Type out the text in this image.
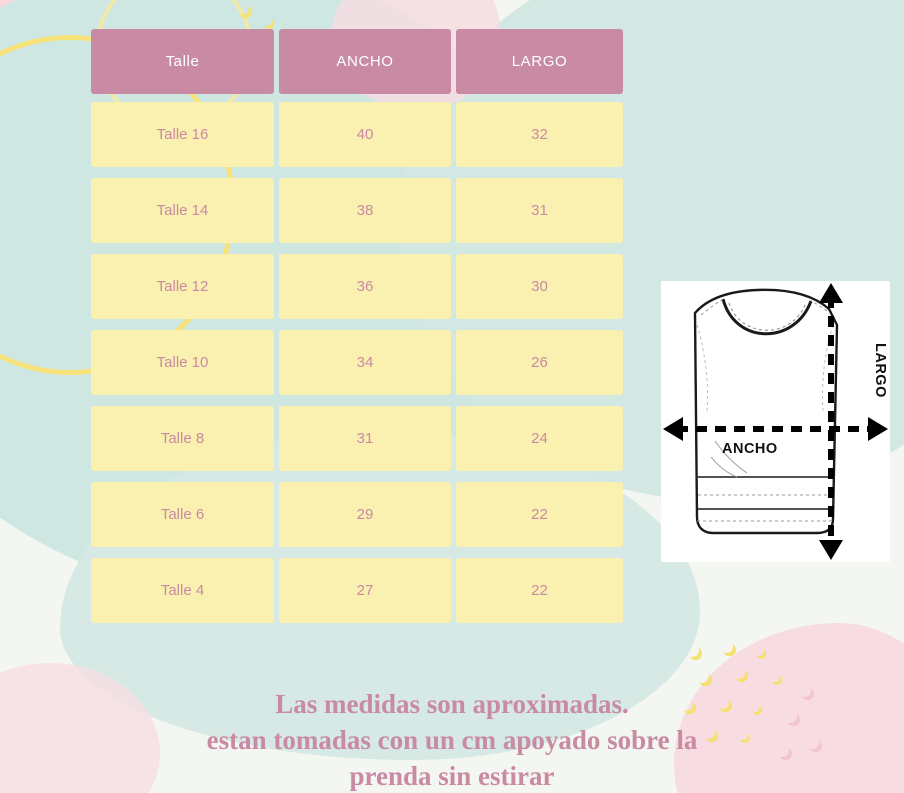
Talle	ANCHO	LARGO
Talle 16	40	32
Talle 14	38	31
Talle 12	36	30
Talle 10	34	26
Talle 8	31	24
Talle 6	29	22
Talle 4	27	22
ANCHO
LARGO
Las medidas son aproximadas.
estan tomadas con un cm apoyado sobre la
prenda sin estirar
